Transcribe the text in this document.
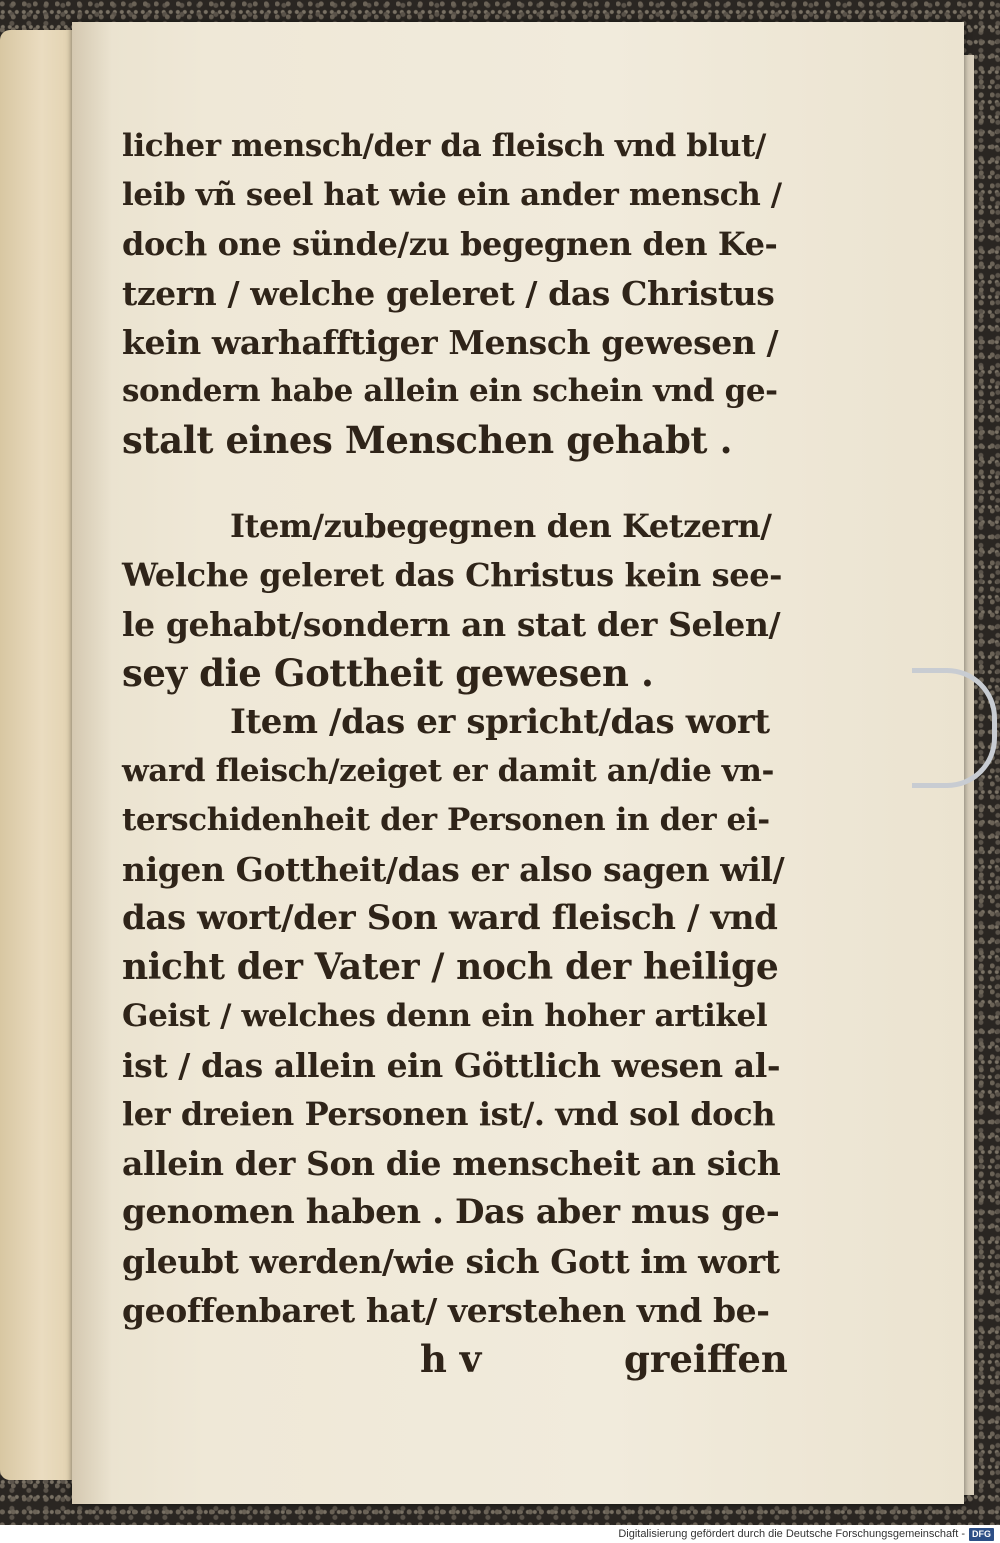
licher mensch/der da fleisch vnd blut/
leib vñ seel hat wie ein ander mensch /
doch one sünde/zu begegnen den Ke-
tzern / welche geleret / das Christus
kein warhafftiger Mensch gewesen /
sondern habe allein ein schein vnd ge-
stalt eines Menschen gehabt .
Item/zubegegnen den Ketzern/
Welche geleret das Christus kein see-
le gehabt/sondern an stat der Selen/
sey die Gottheit gewesen .
Item /das er spricht/das wort
ward fleisch/zeiget er damit an/die vn-
terschidenheit der Personen in der ei-
nigen Gottheit/das er also sagen wil/
das wort/der Son ward fleisch / vnd
nicht der Vater / noch der heilige
Geist / welches denn ein hoher artikel
ist / das allein ein Göttlich wesen al-
ler dreien Personen ist/. vnd sol doch
allein der Son die menscheit an sich
genomen haben . Das aber mus ge-
gleubt werden/wie sich Gott im wort
geoffenbaret hat/ verstehen vnd be-
h v	greiffen
Digitalisierung gefördert durch die Deutsche Forschungsgemeinschaft - DFG
